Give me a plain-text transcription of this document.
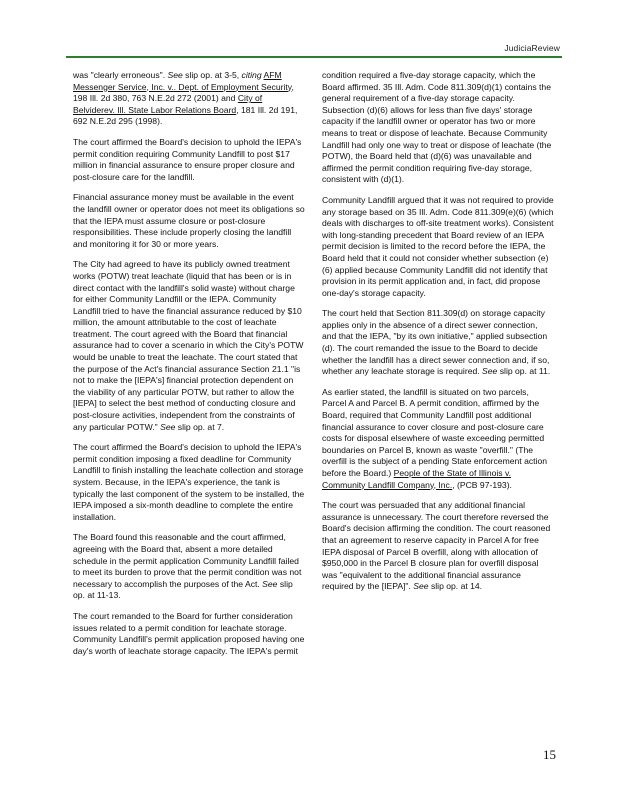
JudiciaReview

was "clearly erroneous". See slip op. at 3-5, citing AFM Messenger Service, Inc. v.. Dept. of Employment Security, 198 Ill. 2d 380, 763 N.E.2d 272 (2001) and City of Belviderev. Ill. State Labor Relations Board, 181 Ill. 2d 191, 692 N.E.2d 295 (1998).

The court affirmed the Board's decision to uphold the IEPA's permit condition requiring Community Landfill to post $17 million in financial assurance to ensure proper closure and post-closure care for the landfill.

Financial assurance money must be available in the event the landfill owner or operator does not meet its obligations so that the IEPA must assume closure or post-closure responsibilities. These include properly closing the landfill and monitoring it for 30 or more years.

The City had agreed to have its publicly owned treatment works (POTW) treat leachate (liquid that has been or is in direct contact with the landfill's solid waste) without charge for either Community Landfill or the IEPA. Community Landfill tried to have the financial assurance reduced by $10 million, the amount attributable to the cost of leachate treatment. The court agreed with the Board that financial assurance had to cover a scenario in which the City's POTW would be unable to treat the leachate. The court stated that the purpose of the Act's financial assurance Section 21.1 "is not to make the [IEPA's] financial protection dependent on the viability of any particular POTW, but rather to allow the [IEPA] to select the best method of conducting closure and post-closure activities, independent from the constraints of any particular POTW." See slip op. at 7.

The court affirmed the Board's decision to uphold the IEPA's permit condition imposing a fixed deadline for Community Landfill to finish installing the leachate collection and storage system. Because, in the IEPA's experience, the tank is typically the last component of the system to be installed, the IEPA imposed a six-month deadline to complete the entire installation.

The Board found this reasonable and the court affirmed, agreeing with the Board that, absent a more detailed schedule in the permit application Community Landfill failed to meet its burden to prove that the permit condition was not necessary to accomplish the purposes of the Act. See slip op. at 11-13.

The court remanded to the Board for further consideration issues related to a permit condition for leachate storage. Community Landfill's permit application proposed having one day's worth of leachate storage capacity. The IEPA's permit

condition required a five-day storage capacity, which the Board affirmed. 35 Ill. Adm. Code 811.309(d)(1) contains the general requirement of a five-day storage capacity. Subsection (d)(6) allows for less than five days' storage capacity if the landfill owner or operator has two or more means to treat or dispose of leachate. Because Community Landfill had only one way to treat or dispose of leachate (the POTW), the Board held that (d)(6) was unavailable and affirmed the permit condition requiring five-day storage, consistent with (d)(1).

Community Landfill argued that it was not required to provide any storage based on 35 Ill. Adm. Code 811.309(e)(6) (which deals with discharges to off-site treatment works). Consistent with long-standing precedent that Board review of an IEPA permit decision is limited to the record before the IEPA, the Board held that it could not consider whether subsection (e)(6) applied because Community Landfill did not identify that provision in its permit application and, in fact, did propose one-day's storage capacity.

The court held that Section 811.309(d) on storage capacity applies only in the absence of a direct sewer connection, and that the IEPA, "by its own initiative," applied subsection (d). The court remanded the issue to the Board to decide whether the landfill has a direct sewer connection and, if so, whether any leachate storage is required. See slip op. at 11.

As earlier stated, the landfill is situated on two parcels, Parcel A and Parcel B. A permit condition, affirmed by the Board, required that Community Landfill post additional financial assurance to cover closure and post-closure care costs for disposal elsewhere of waste exceeding permitted boundaries on Parcel B, known as waste "overfill." (The overfill is the subject of a pending State enforcement action before the Board.) People of the State of Illinois v. Community Landfill Company, Inc., (PCB 97-193).

The court was persuaded that any additional financial assurance is unnecessary. The court therefore reversed the Board's decision affirming the condition. The court reasoned that an agreement to reserve capacity in Parcel A for free IEPA disposal of Parcel B overfill, along with allocation of $950,000 in the Parcel B closure plan for overfill disposal was "equivalent to the additional financial assurance required by the [IEPA]". See slip op. at 14.

15
